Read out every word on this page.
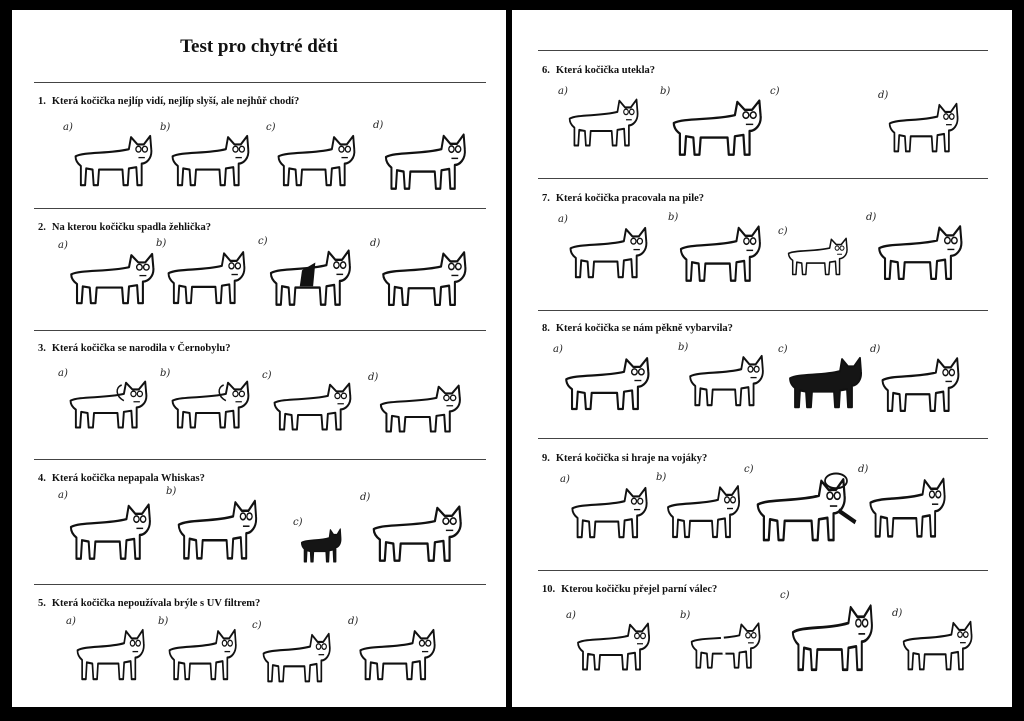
Test pro chytré děti
1. Která kočička nejlíp vidí, nejlíp slyší, ale nejhůř chodí?
2. Na kterou kočičku spadla žehlička?
3. Která kočička se narodila v Černobylu?
4. Která kočička nepapala Whiskas?
5. Která kočička nepoužívala brýle s UV filtrem?
a)	b)	c)	d)
a)	b)	c)	d)
a)	b)	c)	d)
a)	b)
c)
d)
a)	b)	c)	d)
6. Která kočička utekla?
7. Která kočička pracovala na pile?
8. Která kočička se nám pěkně vybarvila?
9. Která kočička si hraje na vojáky?
10. Kterou kočičku přejel parní válec?
a)	b)	c)	d)
a)	b)
c)
d)
a)	b)	c)	d)
a)	b)
c)	d)
a)	b)
c)
d)
